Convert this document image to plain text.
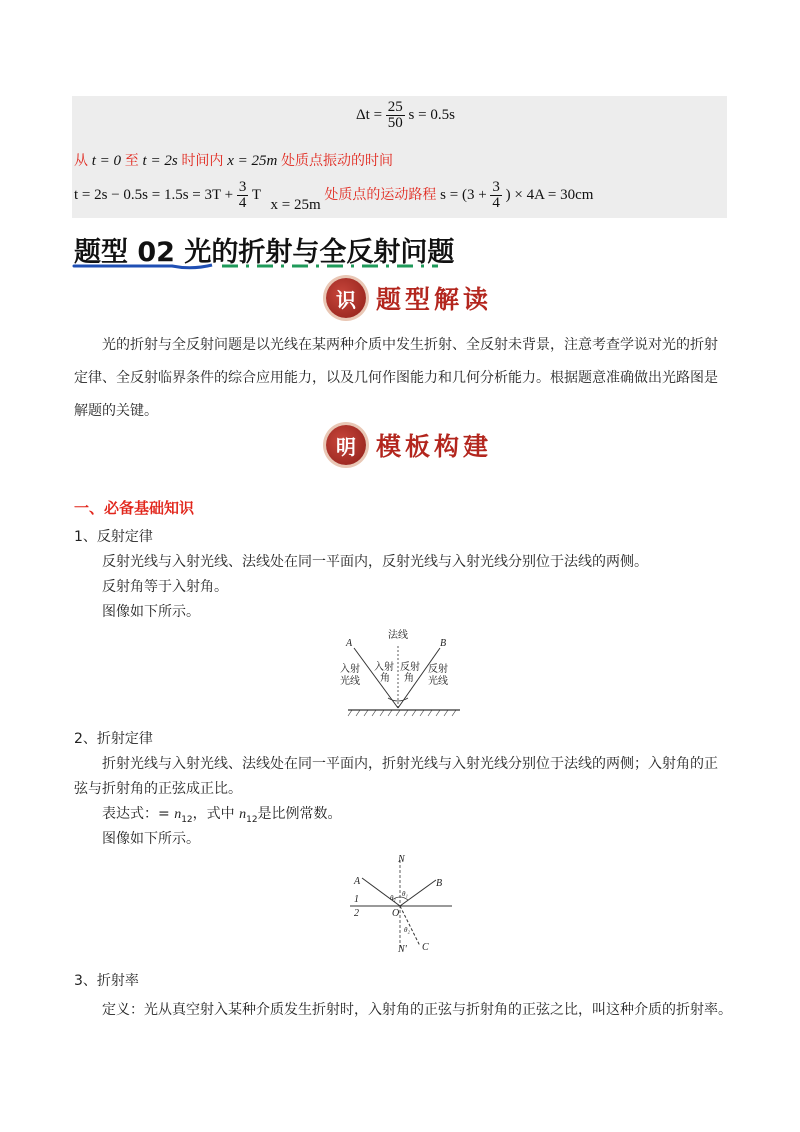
$\Delta t = \frac{25}{50}$ s = 0.5s
从 t = 0 至 t = 2s 时间内 x = 25m 处质点振动的时间
$t = 2s - 0.5s = 1.5s = 3T + \frac{3}{4}$ T x = 25m 处质点的运动路程 $s = (3 + \frac{3}{4}$ ) × 4A = 30cm
题型 02 光的折射与全反射问题
识 题型解读
光的折射与全反射问题是以光线在某两种介质中发生折射、全反射未背景，注意考查学说对光的折射
定律、全反射临界条件的综合应用能力，以及几何作图能力和几何分析能力。根据题意准确做出光路图是
解题的关键。
明 模板构建
一、必备基础知识
1、反射定律
反射光线与入射光线、法线处在同一平面内，反射光线与入射光线分别位于法线的两侧。
反射角等于入射角。
图像如下所示。
A	B
法线
入射
光线
入射
角
反射
角
反射
光线
2、折射定律
折射光线与入射光线、法线处在同一平面内，折射光线与入射光线分别位于法线的两侧；入射角的正
弦与折射角的正弦成正比。
表达式：= $n_{12}$，式中 $n_{12}$是比例常数。
图像如下所示。
N
A	B
1
2	O
θ₁ θ₁
θ₂
N' C
3、折射率
定义：光从真空射入某种介质发生折射时，入射角的正弦与折射角的正弦之比，叫这种介质的折射率。
